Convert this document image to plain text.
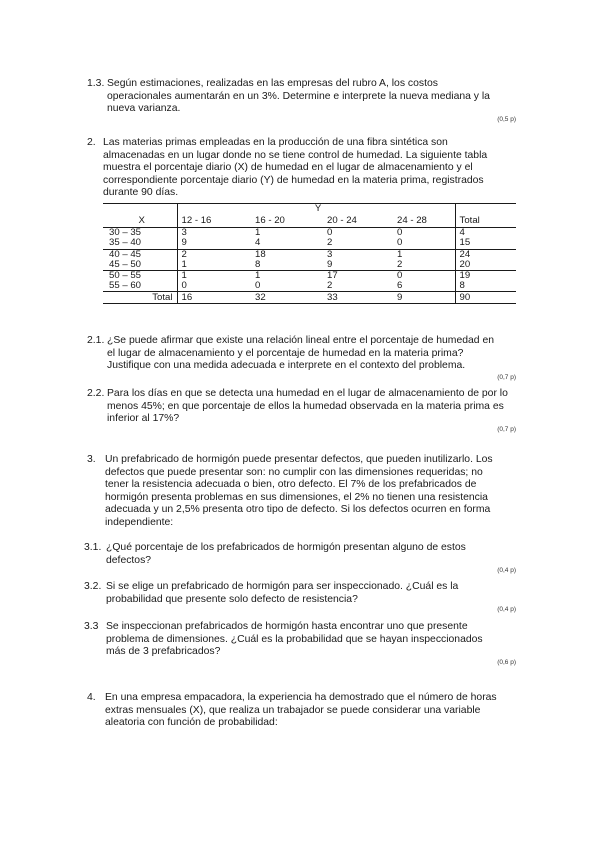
1.3. Según estimaciones, realizadas en las empresas del rubro A, los costos
operacionales aumentarán en un 3%. Determine e interprete la nueva mediana y la
nueva varianza.
(0,5 p)
2. Las materias primas empleadas en la producción de una fibra sintética son
almacenadas en un lugar donde no se tiene control de humedad. La siguiente tabla
muestra el porcentaje diario (X) de humedad en el lugar de almacenamiento y el
correspondiente porcentaje diario (Y) de humedad en la materia prima, registrados
durante 90 días.
	Y				
X	12 - 16	16 - 20	20 - 24	24 - 28	Total
30 – 35	3	1	0	0	4
35 – 40	9	4	2	0	15
40 – 45	2	18	3	1	24
45 – 50	1	8	9	2	20
50 – 55	1	1	17	0	19
55 – 60	0	0	2	6	8
Total	16	32	33	9	90
2.1. ¿Se puede afirmar que existe una relación lineal entre el porcentaje de humedad en
el lugar de almacenamiento y el porcentaje de humedad en la materia prima?
Justifique con una medida adecuada e interprete en el contexto del problema.
(0,7 p)
2.2. Para los días en que se detecta una humedad en el lugar de almacenamiento de por lo
menos 45%; en que porcentaje de ellos la humedad observada en la materia prima es
inferior al 17%?
(0,7 p)
3. Un prefabricado de hormigón puede presentar defectos, que pueden inutilizarlo. Los
defectos que puede presentar son: no cumplir con las dimensiones requeridas; no
tener la resistencia adecuada o bien, otro defecto. El 7% de los prefabricados de
hormigón presenta problemas en sus dimensiones, el 2% no tienen una resistencia
adecuada y un 2,5% presenta otro tipo de defecto. Si los defectos ocurren en forma
independiente:
3.1. ¿Qué porcentaje de los prefabricados de hormigón presentan alguno de estos
defectos?
(0,4 p)
3.2. Si se elige un prefabricado de hormigón para ser inspeccionado. ¿Cuál es la
probabilidad que presente solo defecto de resistencia?
(0,4 p)
3.3 Se inspeccionan prefabricados de hormigón hasta encontrar uno que presente
problema de dimensiones. ¿Cuál es la probabilidad que se hayan inspeccionados
más de 3 prefabricados?
(0,6 p)
4. En una empresa empacadora, la experiencia ha demostrado que el número de horas
extras mensuales (X), que realiza un trabajador se puede considerar una variable
aleatoria con función de probabilidad:
